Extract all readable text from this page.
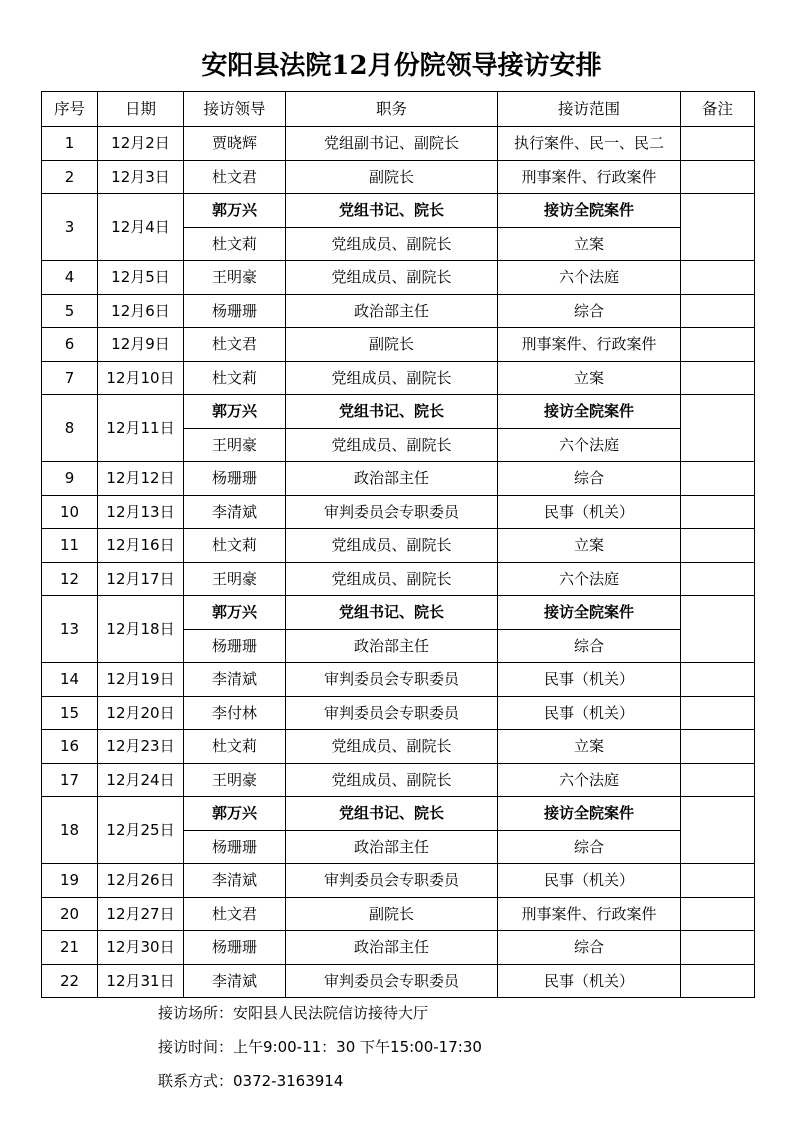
安阳县法院12月份院领导接访安排
序号	日期	接访领导	职务	接访范围	备注
1	12月2日	贾晓辉	党组副书记、副院长	执行案件、民一、民二	
2	12月3日	杜文君	副院长	刑事案件、行政案件	
3	12月4日	郭万兴	党组书记、院长	接访全院案件	
		杜文莉	党组成员、副院长	立案	
4	12月5日	王明豪	党组成员、副院长	六个法庭	
5	12月6日	杨珊珊	政治部主任	综合	
6	12月9日	杜文君	副院长	刑事案件、行政案件	
7	12月10日	杜文莉	党组成员、副院长	立案	
8	12月11日	郭万兴	党组书记、院长	接访全院案件	
		王明豪	党组成员、副院长	六个法庭	
9	12月12日	杨珊珊	政治部主任	综合	
10	12月13日	李清斌	审判委员会专职委员	民事（机关）	
11	12月16日	杜文莉	党组成员、副院长	立案	
12	12月17日	王明豪	党组成员、副院长	六个法庭	
13	12月18日	郭万兴	党组书记、院长	接访全院案件	
		杨珊珊	政治部主任	综合	
14	12月19日	李清斌	审判委员会专职委员	民事（机关）	
15	12月20日	李付林	审判委员会专职委员	民事（机关）	
16	12月23日	杜文莉	党组成员、副院长	立案	
17	12月24日	王明豪	党组成员、副院长	六个法庭	
18	12月25日	郭万兴	党组书记、院长	接访全院案件	
		杨珊珊	政治部主任	综合	
19	12月26日	李清斌	审判委员会专职委员	民事（机关）	
20	12月27日	杜文君	副院长	刑事案件、行政案件	
21	12月30日	杨珊珊	政治部主任	综合	
22	12月31日	李清斌	审判委员会专职委员	民事（机关）	
接访场所：安阳县人民法院信访接待大厅
接访时间：上午9:00-11：30 下午15:00-17:30
联系方式：0372-3163914
